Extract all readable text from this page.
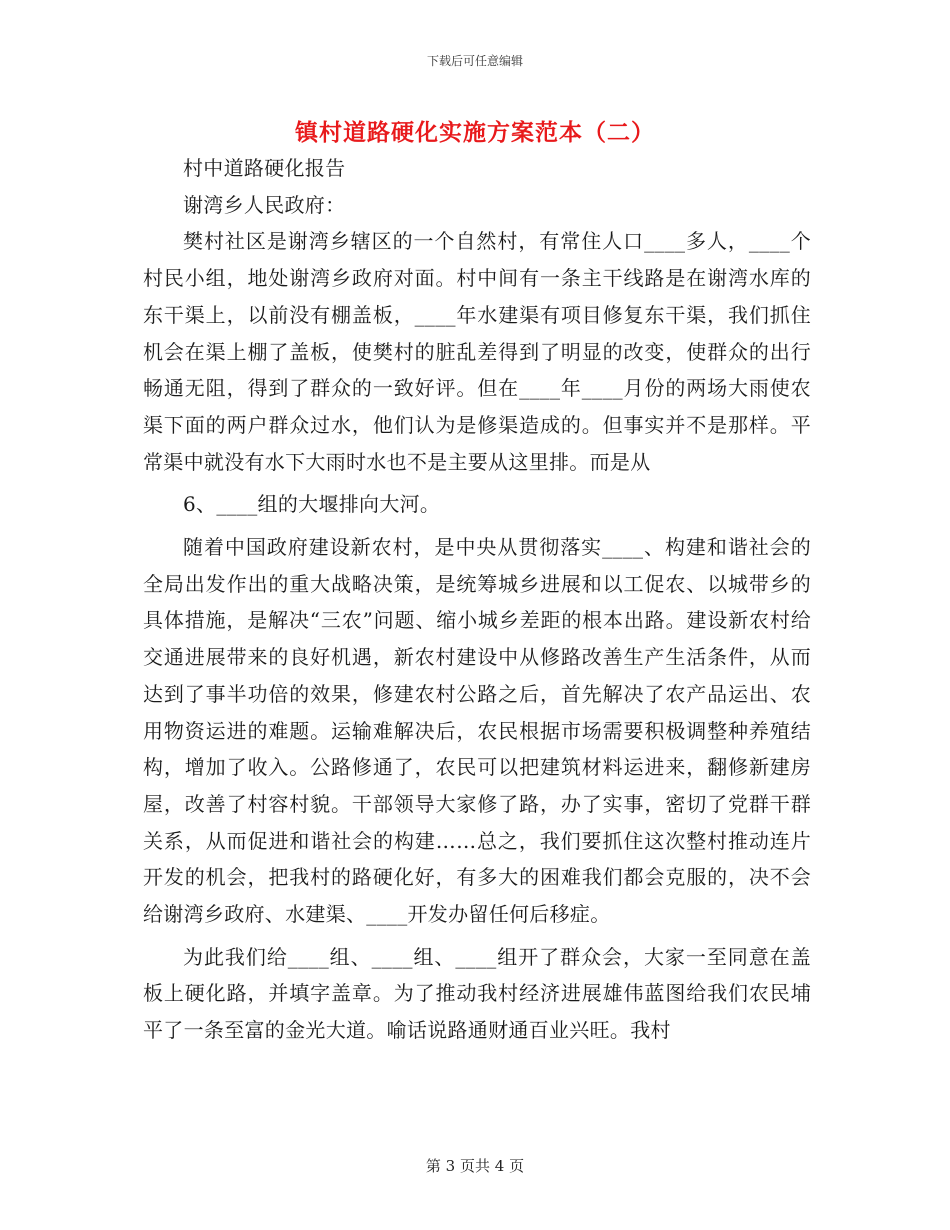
下载后可任意编辑
镇村道路硬化实施方案范本（二）

村中道路硬化报告

谢湾乡人民政府：

樊村社区是谢湾乡辖区的一个自然村，有常住人口____多人，____个村民小组，地处谢湾乡政府对面。村中间有一条主干线路是在谢湾水库的东干渠上，以前没有棚盖板，____年水建渠有项目修复东干渠，我们抓住机会在渠上棚了盖板，使樊村的脏乱差得到了明显的改变，使群众的出行畅通无阻，得到了群众的一致好评。但在____年____月份的两场大雨使农渠下面的两户群众过水，他们认为是修渠造成的。但事实并不是那样。平常渠中就没有水下大雨时水也不是主要从这里排。而是从

6、____组的大堰排向大河。

随着中国政府建设新农村，是中央从贯彻落实____、构建和谐社会的全局出发作出的重大战略决策，是统筹城乡进展和以工促农、以城带乡的具体措施，是解决“三农”问题、缩小城乡差距的根本出路。建设新农村给交通进展带来的良好机遇，新农村建设中从修路改善生产生活条件，从而达到了事半功倍的效果，修建农村公路之后，首先解决了农产品运出、农用物资运进的难题。运输难解决后，农民根据市场需要积极调整种养殖结构，增加了收入。公路修通了，农民可以把建筑材料运进来，翻修新建房屋，改善了村容村貌。干部领导大家修了路，办了实事，密切了党群干群关系，从而促进和谐社会的构建……总之，我们要抓住这次整村推动连片开发的机会，把我村的路硬化好，有多大的困难我们都会克服的，决不会给谢湾乡政府、水建渠、____开发办留任何后移症。

为此我们给____组、____组、____组开了群众会，大家一至同意在盖板上硬化路，并填字盖章。为了推动我村经济进展雄伟蓝图给我们农民埔平了一条至富的金光大道。喻话说路通财通百业兴旺。我村

第 3 页共 4 页
